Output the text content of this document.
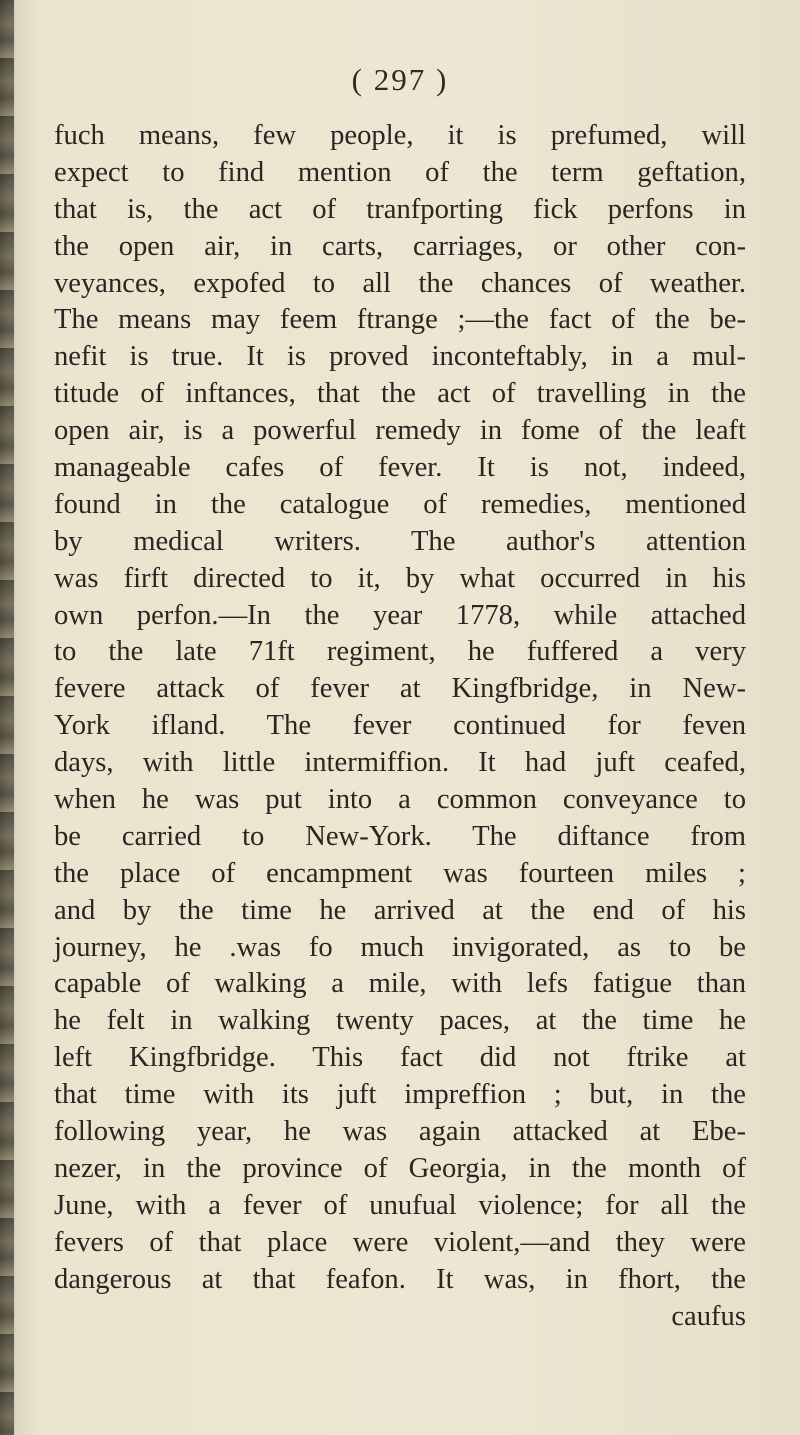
( 297 )
fuch means, few people, it is prefumed, will
expect to find mention of the term geftation,
that is, the act of tranfporting fick perfons in
the open air, in carts, carriages, or other con-
veyances, expofed to all the chances of weather.
The means may feem ftrange ;—the fact of the be-
nefit is true. It is proved inconteftably, in a mul-
titude of inftances, that the act of travelling in the
open air, is a powerful remedy in fome of the leaft
manageable cafes of fever. It is not, indeed,
found in the catalogue of remedies, mentioned
by medical writers. The author's attention
was firft directed to it, by what occurred in his
own perfon.—In the year 1778, while attached
to the late 71ft regiment, he fuffered a very
fevere attack of fever at Kingfbridge, in New-
York ifland. The fever continued for feven
days, with little intermiffion. It had juft ceafed,
when he was put into a common conveyance to
be carried to New-York. The diftance from
the place of encampment was fourteen miles ;
and by the time he arrived at the end of his
journey, he .was fo much invigorated, as to be
capable of walking a mile, with lefs fatigue than
he felt in walking twenty paces, at the time he
left Kingfbridge. This fact did not ftrike at
that time with its juft impreffion ; but, in the
following year, he was again attacked at Ebe-
nezer, in the province of Georgia, in the month of
June, with a fever of unufual violence; for all the
fevers of that place were violent,—and they were
dangerous at that feafon. It was, in fhort, the
caufus
